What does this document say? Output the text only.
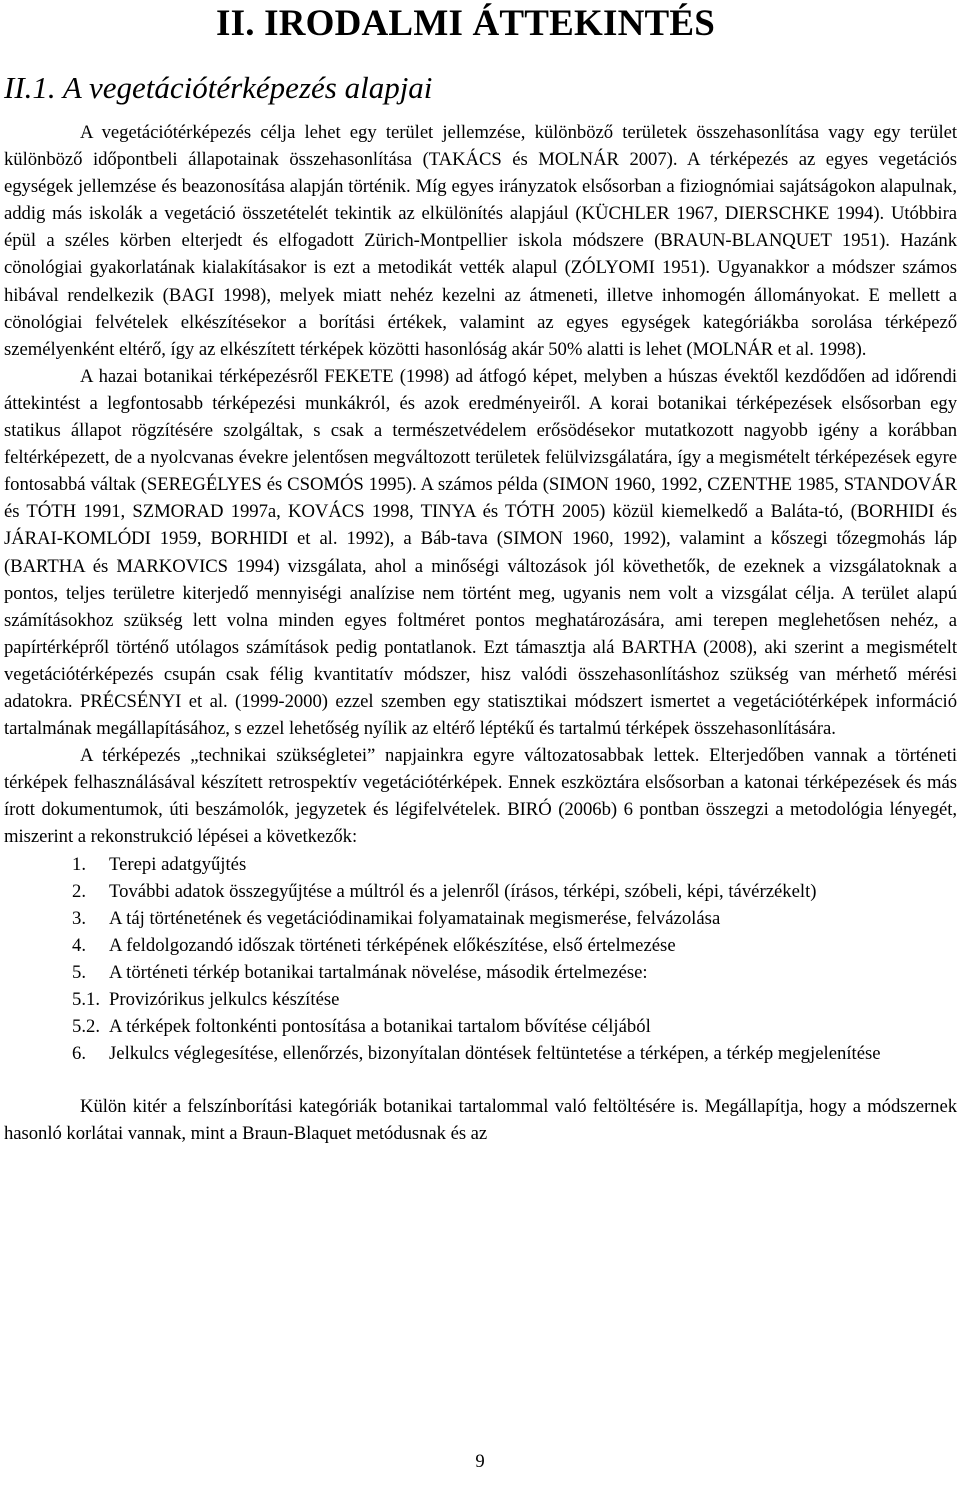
II. IRODALMI ÁTTEKINTÉS
II.1. A vegetációtérképezés alapjai

A vegetációtérképezés célja lehet egy terület jellemzése, különböző területek összehasonlítása vagy egy terület különböző időpontbeli állapotainak összehasonlítása (TAKÁCS és MOLNÁR 2007). A térképezés az egyes vegetációs egységek jellemzése és beazonosítása alapján történik. Míg egyes irányzatok elsősorban a fiziognómiai sajátságokon alapulnak, addig más iskolák a vegetáció összetételét tekintik az elkülönítés alapjául (KÜCHLER 1967, DIERSCHKE 1994). Utóbbira épül a széles körben elterjedt és elfogadott Zürich-Montpellier iskola módszere (BRAUN-BLANQUET 1951). Hazánk cönológiai gyakorlatának kialakításakor is ezt a metodikát vették alapul (ZÓLYOMI 1951). Ugyanakkor a módszer számos hibával rendelkezik (BAGI 1998), melyek miatt nehéz kezelni az átmeneti, illetve inhomogén állományokat. E mellett a cönológiai felvételek elkészítésekor a borítási értékek, valamint az egyes egységek kategóriákba sorolása térképező személyenként eltérő, így az elkészített térképek közötti hasonlóság akár 50% alatti is lehet (MOLNÁR et al. 1998).

A hazai botanikai térképezésről FEKETE (1998) ad átfogó képet, melyben a húszas évektől kezdődően ad időrendi áttekintést a legfontosabb térképezési munkákról, és azok eredményeiről. A korai botanikai térképezések elsősorban egy statikus állapot rögzítésére szolgáltak, s csak a természetvédelem erősödésekor mutatkozott nagyobb igény a korábban feltérképezett, de a nyolcvanas évekre jelentősen megváltozott területek felülvizsgálatára, így a megismételt térképezések egyre fontosabbá váltak (SEREGÉLYES és CSOMÓS 1995). A számos példa (SIMON 1960, 1992, CZENTHE 1985, STANDOVÁR és TÓTH 1991, SZMORAD 1997a, KOVÁCS 1998, TINYA és TÓTH 2005) közül kiemelkedő a Baláta-tó, (BORHIDI és JÁRAI-KOMLÓDI 1959, BORHIDI et al. 1992), a Báb-tava (SIMON 1960, 1992), valamint a kőszegi tőzegmohás láp (BARTHA és MARKOVICS 1994) vizsgálata, ahol a minőségi változások jól követhetők, de ezeknek a vizsgálatoknak a pontos, teljes területre kiterjedő mennyiségi analízise nem történt meg, ugyanis nem volt a vizsgálat célja. A terület alapú számításokhoz szükség lett volna minden egyes foltméret pontos meghatározására, ami terepen meglehetősen nehéz, a papírtérképről történő utólagos számítások pedig pontatlanok. Ezt támasztja alá BARTHA (2008), aki szerint a megismételt vegetációtérképezés csupán csak félig kvantitatív módszer, hisz valódi összehasonlításhoz szükség van mérhető mérési adatokra. PRÉCSÉNYI et al. (1999-2000) ezzel szemben egy statisztikai módszert ismertet a vegetációtérképek információ tartalmának megállapításához, s ezzel lehetőség nyílik az eltérő léptékű és tartalmú térképek összehasonlítására.

A térképezés „technikai szükségletei” napjainkra egyre változatosabbak lettek. Elterjedőben vannak a történeti térképek felhasználásával készített retrospektív vegetációtérképek. Ennek eszköztára elsősorban a katonai térképezések és más írott dokumentumok, úti beszámolók, jegyzetek és légifelvételek. BIRÓ (2006b) 6 pontban összegzi a metodológia lényegét, miszerint a rekonstrukció lépései a következők:

1. Terepi adatgyűjtés
2. További adatok összegyűjtése a múltról és a jelenről (írásos, térképi, szóbeli, képi, távérzékelt)
3. A táj történetének és vegetációdinamikai folyamatainak megismerése, felvázolása
4. A feldolgozandó időszak történeti térképének előkészítése, első értelmezése
5. A történeti térkép botanikai tartalmának növelése, második értelmezése:
5.1. Provizórikus jelkulcs készítése
5.2. A térképek foltonkénti pontosítása a botanikai tartalom bővítése céljából
6. Jelkulcs véglegesítése, ellenőrzés, bizonyítalan döntések feltüntetése a térképen, a térkép megjelenítése

Külön kitér a felszínborítási kategóriák botanikai tartalommal való feltöltésére is. Megállapítja, hogy a módszernek hasonló korlátai vannak, mint a Braun-Blaquet metódusnak és az

9
